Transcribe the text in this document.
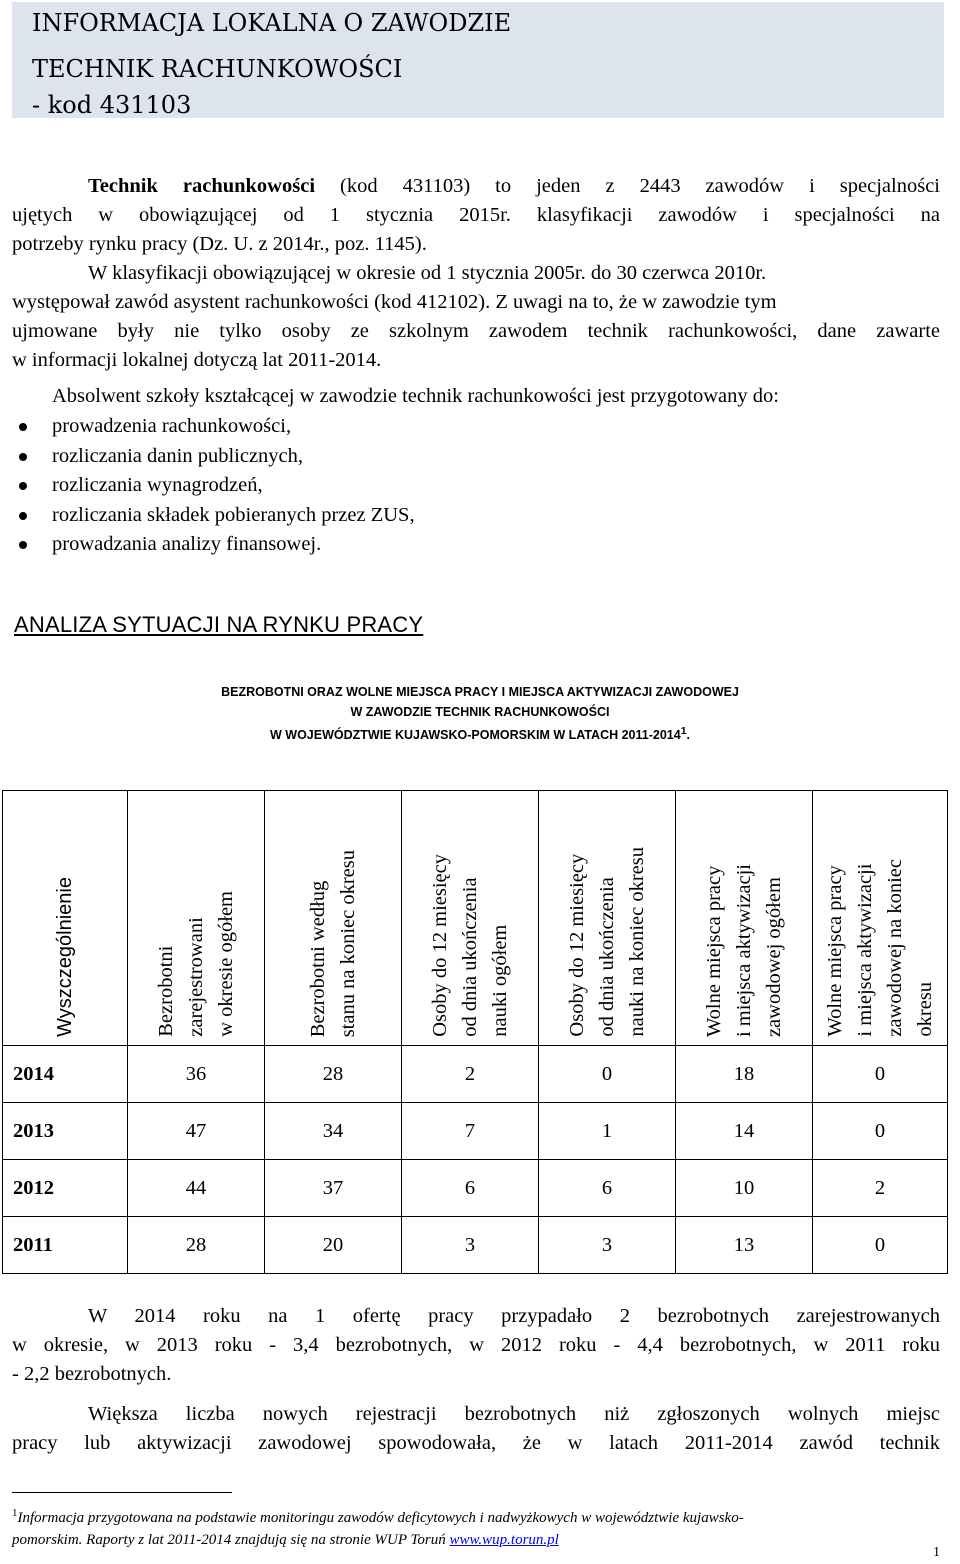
INFORMACJA LOKALNA O ZAWODZIE
TECHNIK RACHUNKOWOŚCI
- kod 431103
Technik rachunkowości (kod 431103) to jeden z 2443 zawodów i specjalności
ujętych w obowiązującej od 1 stycznia 2015r. klasyfikacji zawodów i specjalności na
potrzeby rynku pracy (Dz. U. z 2014r., poz. 1145).
W klasyfikacji obowiązującej w okresie od 1 stycznia 2005r. do 30 czerwca 2010r.
występował zawód asystent rachunkowości (kod 412102). Z uwagi na to, że w zawodzie tym
ujmowane były nie tylko osoby ze szkolnym zawodem technik rachunkowości, dane zawarte
w informacji lokalnej dotyczą lat 2011-2014.
Absolwent szkoły kształcącej w zawodzie technik rachunkowości jest przygotowany do:
prowadzenia rachunkowości,
rozliczania danin publicznych,
rozliczania wynagrodzeń,
rozliczania składek pobieranych przez ZUS,
prowadzania analizy finansowej.
ANALIZA SYTUACJI NA RYNKU PRACY
BEZROBOTNI ORAZ WOLNE MIEJSCA PRACY I MIEJSCA AKTYWIZACJI ZAWODOWEJ
W ZAWODZIE TECHNIK RACHUNKOWOŚCI
W WOJEWÓDZTWIE KUJAWSKO-POMORSKIM W LATACH 2011-2014$^1$.
Wyszczególnienie	Bezrobotni zarejestrowani w okresie ogółem	Bezrobotni według stanu na koniec okresu	Osoby do 12 miesięcy od dnia ukończenia nauki ogółem	Osoby do 12 miesięcy od dnia ukończenia nauki na koniec okresu	Wolne miejsca pracy i miejsca aktywizacji zawodowej ogółem	Wolne miejsca pracy i miejsca aktywizacji zawodowej na koniec okresu

2014	36	28	2	0	18	0
2013	47	34	7	1	14	0
2012	44	37	6	6	10	2
2011	28	20	3	3	13	0
W 2014 roku na 1 ofertę pracy przypadało 2 bezrobotnych zarejestrowanych
w okresie, w 2013 roku - 3,4 bezrobotnych, w 2012 roku - 4,4 bezrobotnych, w 2011 roku
- 2,2 bezrobotnych.
Większa liczba nowych rejestracji bezrobotnych niż zgłoszonych wolnych miejsc
pracy lub aktywizacji zawodowej spowodowała, że w latach 2011-2014 zawód technik
$^1$Informacja przygotowana na podstawie monitoringu zawodów deficytowych i nadwyżkowych w województwie kujawsko-
pomorskim. Raporty z lat 2011-2014 znajdują się na stronie WUP Toruń www.wup.torun.pl
1
